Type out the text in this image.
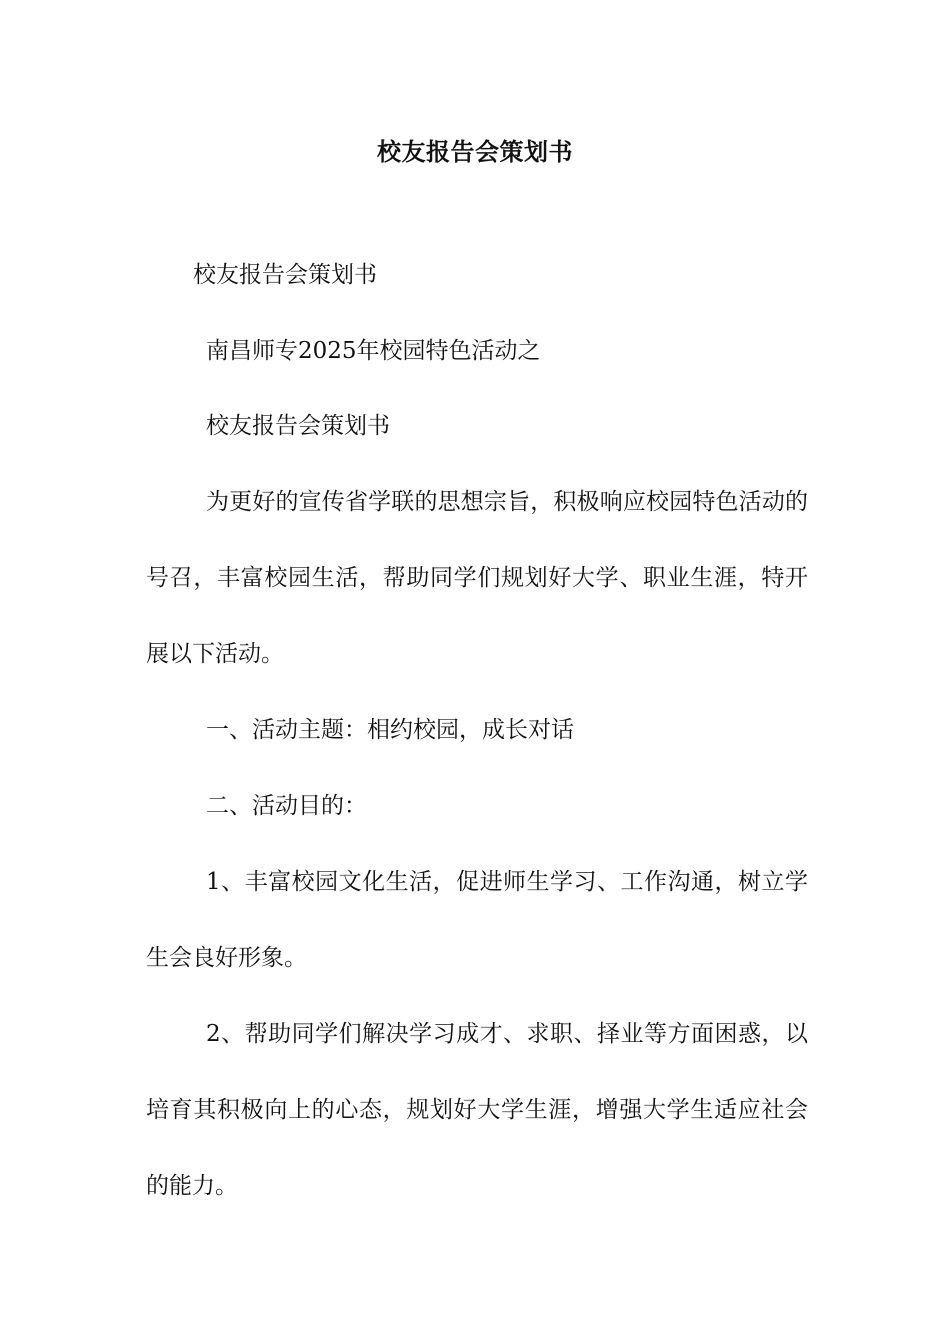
校友报告会策划书
校友报告会策划书
南昌师专2025年校园特色活动之
校友报告会策划书

为更好的宣传省学联的思想宗旨，积极响应校园特色活动的号召，丰富校园生活，帮助同学们规划好大学、职业生涯，特开展以下活动。

一、活动主题：相约校园，成长对话

二、活动目的：

1、丰富校园文化生活，促进师生学习、工作沟通，树立学生会良好形象。

2、帮助同学们解决学习成才、求职、择业等方面困惑，以培育其积极向上的心态，规划好大学生涯，增强大学生适应社会的能力。
